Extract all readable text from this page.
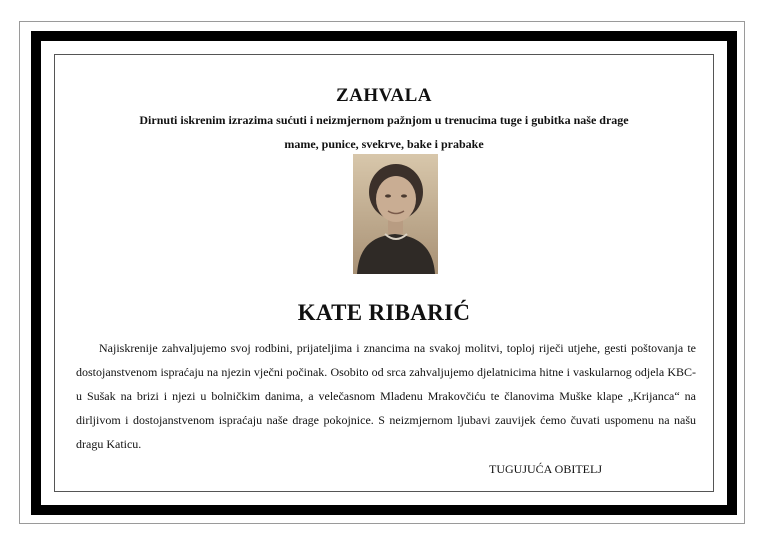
ZAHVALA
Dirnuti iskrenim izrazima sućuti i neizmjernom pažnjom u trenucima tuge i gubitka naše drage
mame, punice, svekrve, bake i prabake
KATE RIBARIĆ

Najiskrenije zahvaljujemo svoj rodbini, prijateljima i znancima na svakoj molitvi, toploj riječi utjehe, gesti poštovanja te dostojanstvenom ispraćaju na njezin vječni počinak. Osobito od srca zahvaljujemo djelatnicima hitne i vaskularnog odjela KBC-u Sušak na brizi i njezi u bolničkim danima, a velečasnom Mladenu Mrakovčiću te članovima Muške klape „Krijanca“ na dirljivom i dostojanstvenom ispraćaju naše drage pokojnice. S neizmjernom ljubavi zauvijek ćemo čuvati uspomenu na našu dragu Katicu.

TUGUJUĆA OBITELJ
